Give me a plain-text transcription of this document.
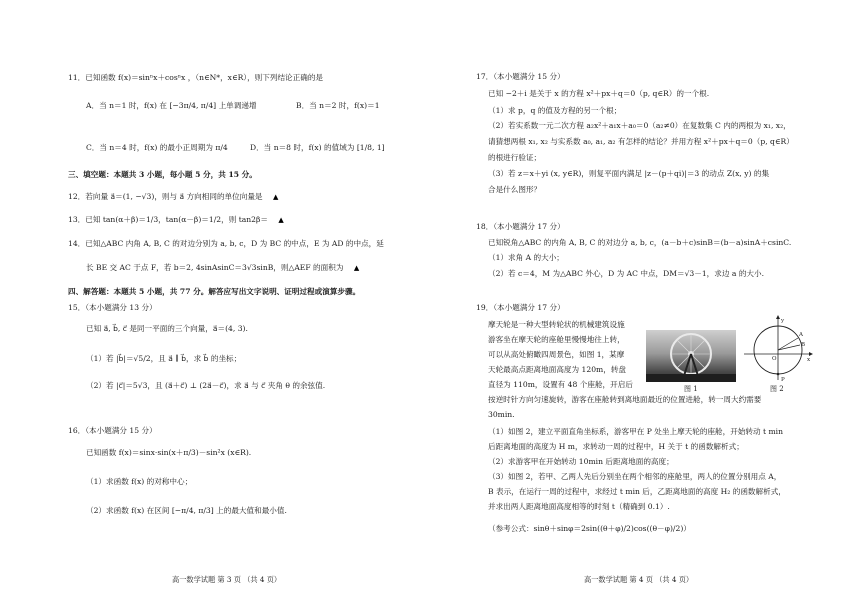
11．已知函数 f(x)＝sinⁿx＋cosⁿx ，（n∈N*，x∈R），则下列结论正确的是
A．当 n＝1 时，f(x) 在 [−3π/4, π/4] 上单调递增	B．当 n＝2 时，f(x)＝1
C．当 n＝4 时，f(x) 的最小正周期为 π/4	D．当 n＝8 时，f(x) 的值域为 [1/8, 1]
三、填空题：本题共 3 小题，每小题 5 分，共 15 分。
12．若向量 a⃗＝(1, −√3)，则与 a⃗ 方向相同的单位向量是 ▲
13．已知 tan(α＋β)＝1/3，tan(α－β)＝1/2，则 tan2β＝ ▲
14．已知△ABC 内角 A, B, C 的对边分别为 a, b, c，D 为 BC 的中点，E 为 AD 的中点，延
长 BE 交 AC 于点 F，若 b＝2, 4sinAsinC＝3√3sinB，则△AEF 的面积为 ▲
四、解答题：本题共 5 小题，共 77 分。解答应写出文字说明、证明过程或演算步骤。
15．（本小题满分 13 分）
已知 a⃗, b⃗, c⃗ 是同一平面的三个向量，a⃗＝(4, 3).
（1）若 |b⃗|＝√5/2，且 a⃗ ∥ b⃗，求 b⃗ 的坐标；
（2）若 |c⃗|＝5√3，且 (a⃗＋c⃗) ⊥ (2a⃗－c⃗)，求 a⃗ 与 c⃗ 夹角 θ 的余弦值.
16．（本小题满分 15 分）
已知函数 f(x)＝sinx·sin(x＋π/3)－sin²x (x∈R).
（1）求函数 f(x) 的对称中心；
（2）求函数 f(x) 在区间 [−π/4, π/3] 上的最大值和最小值.
高一数学试题 第 3 页 （共 4 页）
17．（本小题满分 15 分）
已知 −2＋i 是关于 x 的方程 x²＋px＋q＝0（p, q∈R）的一个根.
（1）求 p，q 的值及方程的另一个根；
（2）若实系数一元二次方程 a₂x²＋a₁x＋a₀＝0（a₂≠0）在复数集 C 内的两根为 x₁, x₂，
请猜想两根 x₁, x₂ 与实系数 a₀, a₁, a₂ 有怎样的结论？并用方程 x²＋px＋q＝0（p, q∈R）
的根进行验证；
（3）若 z＝x＋yi (x, y∈R)，则复平面内满足 |z－(p＋qi)|＝3 的动点 Z(x, y) 的集
合是什么图形？
18．（本小题满分 17 分）
已知锐角△ABC 的内角 A, B, C 的对边分 a, b, c，(a－b＋c)sinB＝(b－a)sinA＋csinC.
（1）求角 A 的大小；
（2）若 c＝4，M 为△ABC 外心，D 为 AC 中点，DM＝√3－1，求边 a 的大小.
19．（本小题满分 17 分）
摩天轮是一种大型转轮状的机械建筑设施
游客坐在摩天轮的座舱里慢慢地往上转，
可以从高处俯瞰四周景色，如图 1，某摩
天轮最高点距离地面高度为 120m，转盘
直径为 110m，设置有 48 个座舱，开启后	图 1
y
x
O
A
B
P
图 2
按逆时针方向匀速旋转，游客在座舱转到离地面最近的位置进舱，转一周大约需要
30min.
（1）如图 2，建立平面直角坐标系，游客甲在 P 处坐上摩天轮的座舱，开始转动 t min
后距离地面的高度为 H m，求转动一周的过程中，H 关于 t 的函数解析式；
（2）求游客甲在开始转动 10min 后距离地面的高度；
（3）如图 2，若甲、乙两人先后分别坐在两个相邻的座舱里，两人的位置分别用点 A，
B 表示，在运行一周的过程中，求经过 t min 后，乙距离地面的高度 H₂ 的函数解析式，
并求出两人距离地面高度相等的时刻 t（精确到 0.1）.
（参考公式：sinθ＋sinφ＝2sin((θ＋φ)/2)cos((θ－φ)/2)）
高一数学试题 第 4 页 （共 4 页）
